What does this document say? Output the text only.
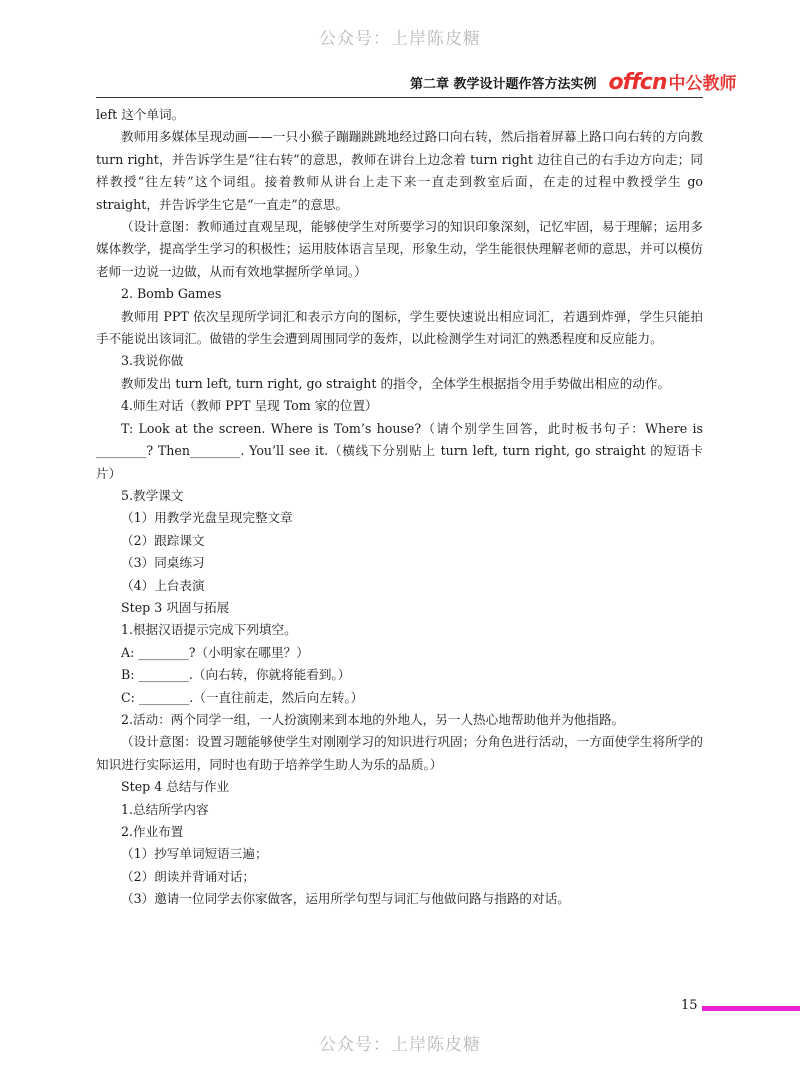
公众号：上岸陈皮糖
第二章 教学设计题作答方法实例 offcn 中公教师

left 这个单词。

教师用多媒体呈现动画——一只小猴子蹦蹦跳跳地经过路口向右转，然后指着屏幕上路口向右转的方向教 turn right，并告诉学生是“往右转”的意思，教师在讲台上边念着 turn right 边往自己的右手边方向走；同样教授“往左转”这个词组。接着教师从讲台上走下来一直走到教室后面，在走的过程中教授学生 go straight，并告诉学生它是“一直走”的意思。

（设计意图：教师通过直观呈现，能够使学生对所要学习的知识印象深刻，记忆牢固，易于理解；运用多媒体教学，提高学生学习的积极性；运用肢体语言呈现，形象生动，学生能很快理解老师的意思，并可以模仿老师一边说一边做，从而有效地掌握所学单词。）

2. Bomb Games

教师用 PPT 依次呈现所学词汇和表示方向的图标，学生要快速说出相应词汇，若遇到炸弹，学生只能拍手不能说出该词汇。做错的学生会遭到周围同学的轰炸，以此检测学生对词汇的熟悉程度和反应能力。

3.我说你做

教师发出 turn left, turn right, go straight 的指令，全体学生根据指令用手势做出相应的动作。

4.师生对话（教师 PPT 呈现 Tom 家的位置）

T: Look at the screen. Where is Tom’s house?（请个别学生回答，此时板书句子：Where is ________? Then________. You’ll see it.（横线下分别贴上 turn left, turn right, go straight 的短语卡片）

5.教学课文

（1）用教学光盘呈现完整文章

（2）跟踪课文

（3）同桌练习

（4）上台表演

Step 3 巩固与拓展

1.根据汉语提示完成下列填空。

A: ________?（小明家在哪里？）

B: ________.（向右转，你就将能看到。）

C: ________.（一直往前走，然后向左转。）

2.活动：两个同学一组，一人扮演刚来到本地的外地人，另一人热心地帮助他并为他指路。

（设计意图：设置习题能够使学生对刚刚学习的知识进行巩固；分角色进行活动，一方面使学生将所学的知识进行实际运用，同时也有助于培养学生助人为乐的品质。）

Step 4 总结与作业

1.总结所学内容

2.作业布置

（1）抄写单词短语三遍；

（2）朗读并背诵对话；

（3）邀请一位同学去你家做客，运用所学句型与词汇与他做问路与指路的对话。

15
公众号：上岸陈皮糖
